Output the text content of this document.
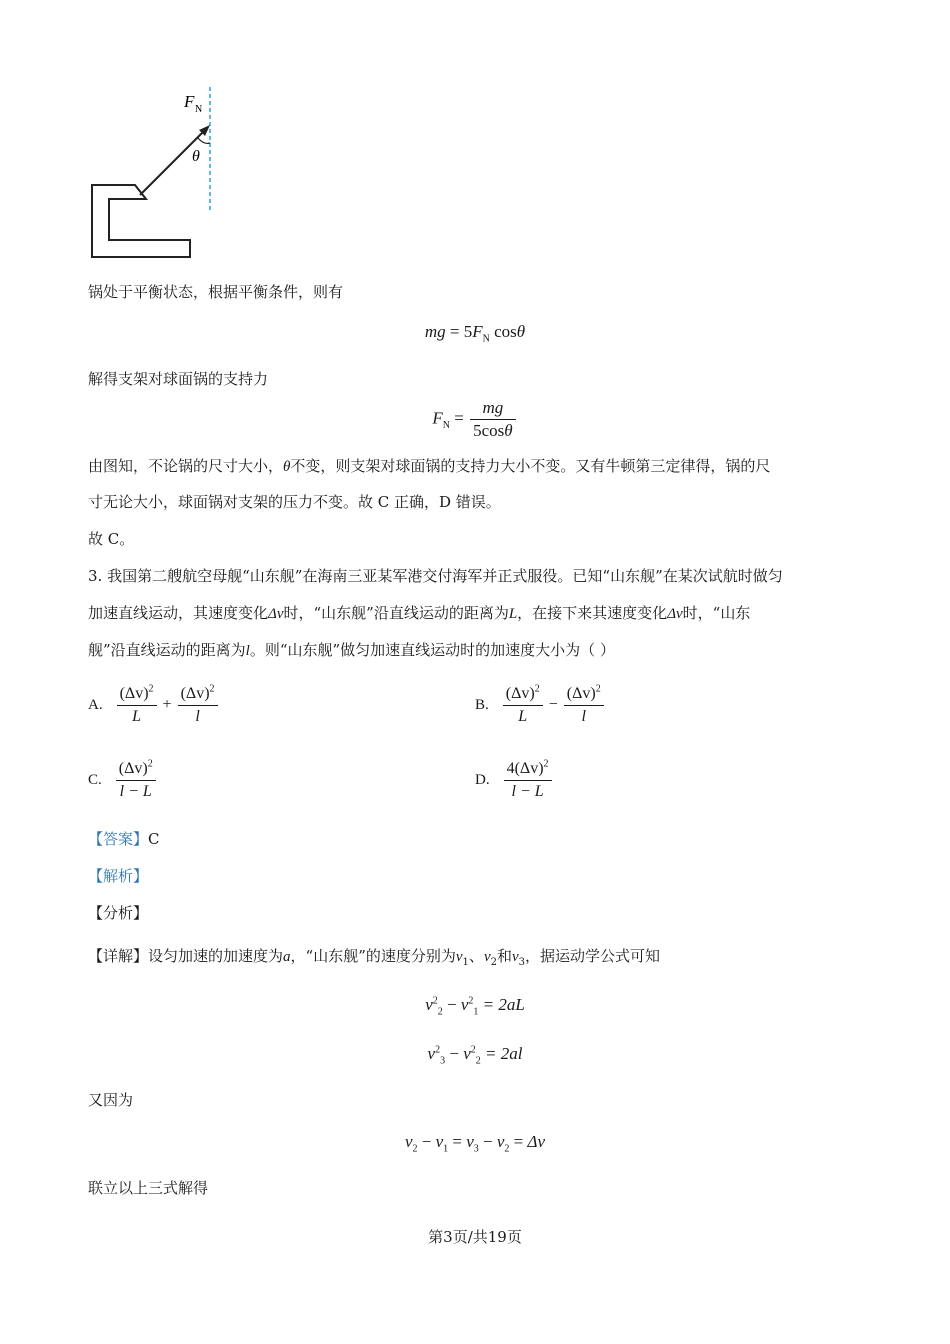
F N
θ
锅处于平衡状态，根据平衡条件，则有
mg = $5F_N$ cosθ
解得支架对球面锅的支持力
$F_N = \frac{mg}{5\cos\theta}$
由图知，不论锅的尺寸大小，θ不变，则支架对球面锅的支持力大小不变。又有牛顿第三定律得，锅的尺
寸无论大小，球面锅对支架的压力不变。故 C 正确，D 错误。
故 C。
3. 我国第二艘航空母舰“山东舰”在海南三亚某军港交付海军并正式服役。已知“山东舰”在某次试航时做匀
加速直线运动，其速度变化Δv时，“山东舰”沿直线运动的距离为L，在接下来其速度变化Δv时，“山东
舰”沿直线运动的距离为l。则“山东舰”做匀加速直线运动时的加速度大小为（ ）
A. $\frac{(\Delta v)^2}{L} + \frac{(\Delta v)^2}{l}$	B. $\frac{(\Delta v)^2}{L} - \frac{(\Delta v)^2}{l}$
C. $\frac{(\Delta v)^2}{l - L}$	D. $\frac{4(\Delta v)^2}{l - L}$
【答案】C
【解析】
【分析】
【详解】设匀加速的加速度为a，“山东舰”的速度分别为$v_1$、$v_2$和$v_3$，据运动学公式可知
$v^2_2 - v^2_1 = 2aL$
$v^2_3 - v^2_2 = 2al$
又因为
$v_2 - v_1 = v_3 - v_2 = \Delta v$
联立以上三式解得
第3页/共19页
